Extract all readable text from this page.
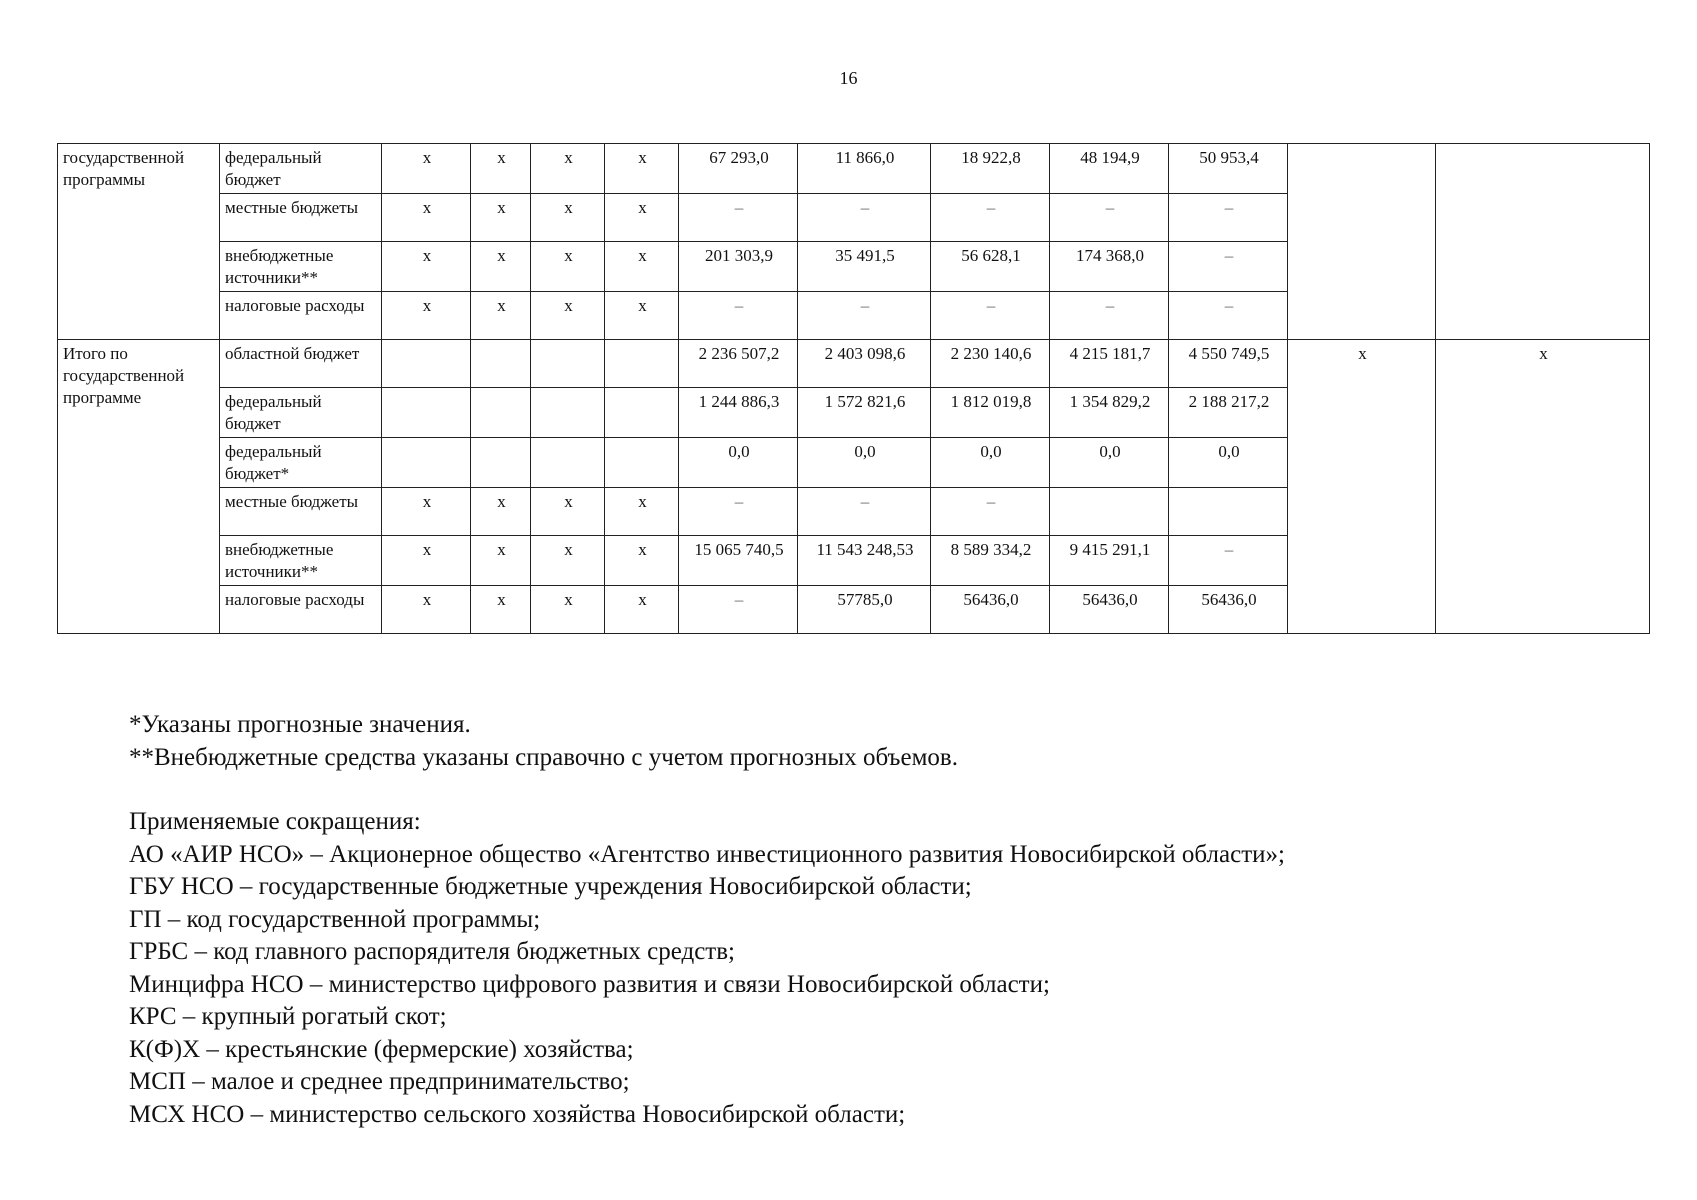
16
государственной программы	федеральный бюджет	х	х	х	х	67 293,0	11 866,0	18 922,8	48 194,9	50 953,4		
	местные бюджеты	х	х	х	х	–	–	–	–	–		
	внебюджетные источники**	х	х	х	х	201 303,9	35 491,5	56 628,1	174 368,0	–		
	налоговые расходы	х	х	х	х	–	–	–	–	–		
Итого по государственной программе	областной бюджет					2 236 507,2	2 403 098,6	2 230 140,6	4 215 181,7	4 550 749,5	х	х
	федеральный бюджет					1 244 886,3	1 572 821,6	1 812 019,8	1 354 829,2	2 188 217,2		
	федеральный бюджет*					0,0	0,0	0,0	0,0	0,0		
	местные бюджеты	х	х	х	х	–	–	–				
	внебюджетные источники**	х	х	х	х	15 065 740,5	11 543 248,53	8 589 334,2	9 415 291,1	–		
	налоговые расходы	х	х	х	х	–	57785,0	56436,0	56436,0	56436,0		

*Указаны прогнозные значения.

**Внебюджетные средства указаны справочно с учетом прогнозных объемов.

Применяемые сокращения:

АО «АИР НСО» – Акционерное общество «Агентство инвестиционного развития Новосибирской области»;

ГБУ НСО – государственные бюджетные учреждения Новосибирской области;

ГП – код государственной программы;

ГРБС – код главного распорядителя бюджетных средств;

Минцифра НСО – министерство цифрового развития и связи Новосибирской области;

КРС – крупный рогатый скот;

К(Ф)Х – крестьянские (фермерские) хозяйства;

МСП – малое и среднее предпринимательство;

МСХ НСО – министерство сельского хозяйства Новосибирской области;
